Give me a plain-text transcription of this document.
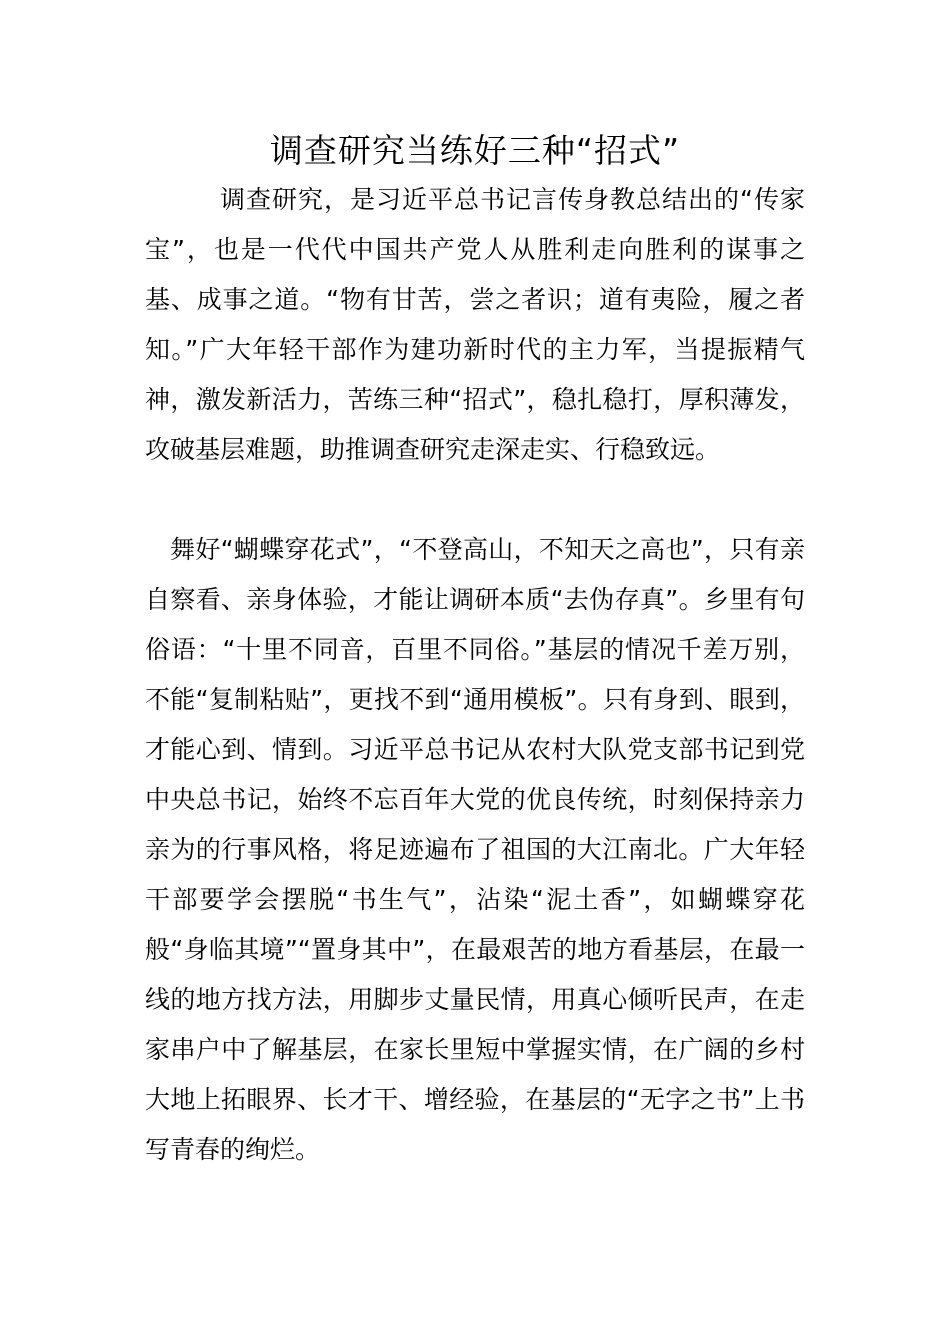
调查研究当练好三种“招式”

调查研究，是习近平总书记言传身教总结出的“传家宝”，也是一代代中国共产党人从胜利走向胜利的谋事之基、成事之道。“物有甘苦，尝之者识；道有夷险，履之者知。”广大年轻干部作为建功新时代的主力军，当提振精气神，激发新活力，苦练三种“招式”，稳扎稳打，厚积薄发，攻破基层难题，助推调查研究走深走实、行稳致远。

舞好“蝴蝶穿花式”，“不登高山，不知天之高也”，只有亲自察看、亲身体验，才能让调研本质“去伪存真”。乡里有句俗语：“十里不同音，百里不同俗。”基层的情况千差万别，不能“复制粘贴”，更找不到“通用模板”。只有身到、眼到，才能心到、情到。习近平总书记从农村大队党支部书记到党中央总书记，始终不忘百年大党的优良传统，时刻保持亲力亲为的行事风格，将足迹遍布了祖国的大江南北。广大年轻干部要学会摆脱“书生气”，沾染“泥土香”，如蝴蝶穿花般“身临其境”“置身其中”，在最艰苦的地方看基层，在最一线的地方找方法，用脚步丈量民情，用真心倾听民声，在走家串户中了解基层，在家长里短中掌握实情，在广阔的乡村大地上拓眼界、长才干、增经验，在基层的“无字之书”上书写青春的绚烂。
